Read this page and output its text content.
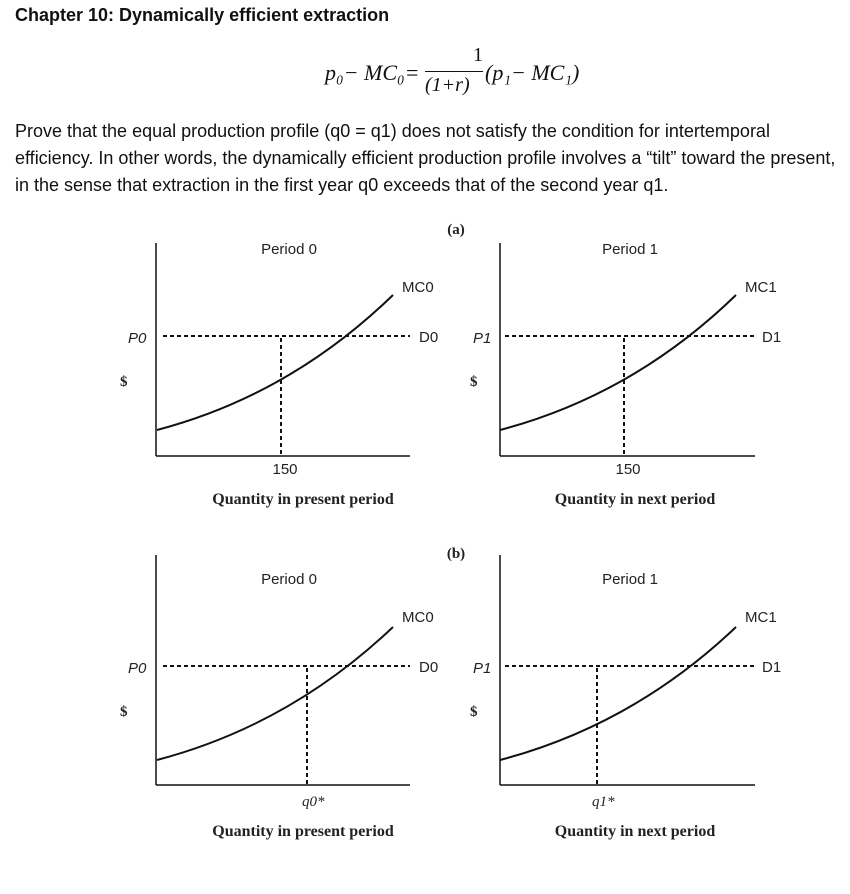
Chapter 10: Dynamically efficient extraction
p₀− MC₀=
1
(1+r) (p₁− MC₁)
Prove that the equal production profile (q0 = q1) does not satisfy the condition for intertemporal efficiency. In other words, the dynamically efficient production profile involves a “tilt” toward the present, in the sense that extraction in the first year q0 exceeds that of the second year q1.
(a)
(b)
Period 0
MC0
D0
P0
$
150
Quantity in present period
Period 1
MC1
D1
P1
$
150
Quantity in next period
Period 0
MC0
D0
P0
$
q0*
Quantity in present period
Period 1
MC1
D1
P1
$
q1*
Quantity in next period
